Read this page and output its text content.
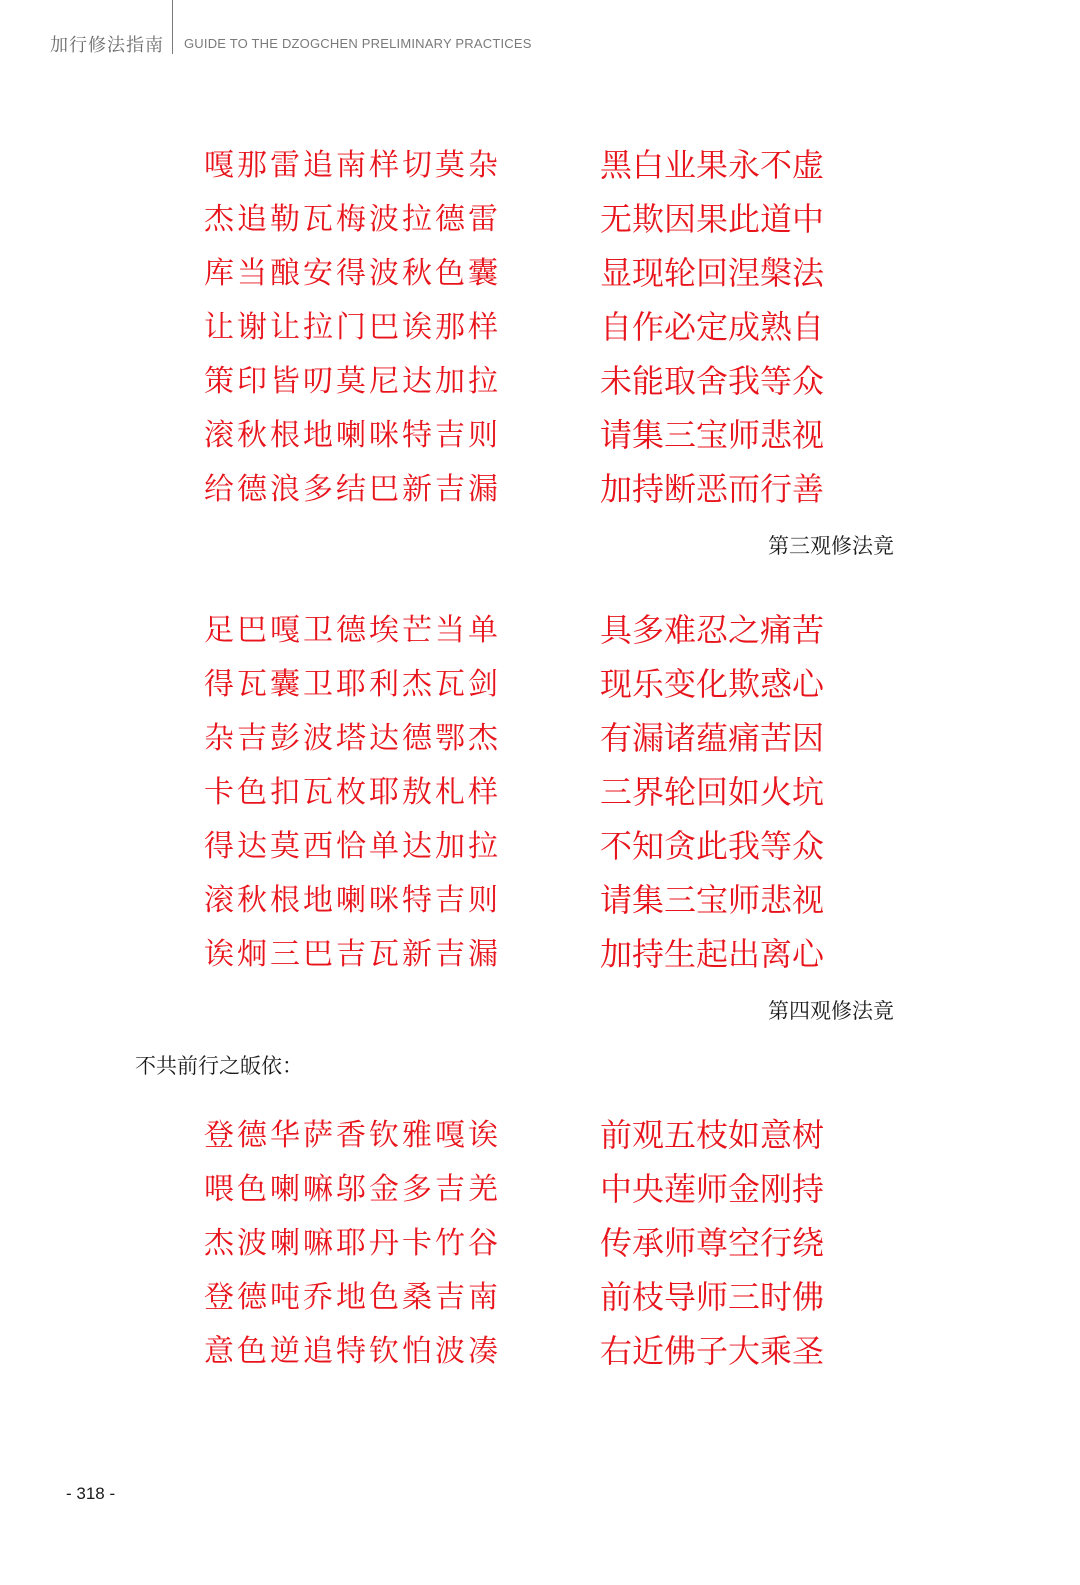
加行修法指南 GUIDE TO THE DZOGCHEN PRELIMINARY PRACTICES
嘎那雷追南样切莫杂	黑白业果永不虚
杰追勒瓦梅波拉德雷	无欺因果此道中
库当酿安得波秋色囊	显现轮回涅槃法
让谢让拉门巴诶那样	自作必定成熟自
策印皆叨莫尼达加拉	未能取舍我等众
滚秋根地喇咪特吉则	请集三宝师悲视
给德浪多结巴新吉漏	加持断恶而行善
第三观修法竟
足巴嘎卫德埃芒当单	具多难忍之痛苦
得瓦囊卫耶利杰瓦剑	现乐变化欺惑心
杂吉彭波塔达德鄂杰	有漏诸蕴痛苦因
卡色扣瓦枚耶敖札样	三界轮回如火坑
得达莫西恰单达加拉	不知贪此我等众
滚秋根地喇咪特吉则	请集三宝师悲视
诶炯三巴吉瓦新吉漏	加持生起出离心
第四观修法竟
不共前行之皈依：
登德华萨香钦雅嘎诶	前观五枝如意树
喂色喇嘛邬金多吉羌	中央莲师金刚持
杰波喇嘛耶丹卡竹谷	传承师尊空行绕
登德吨乔地色桑吉南	前枝导师三时佛
意色逆追特钦怕波凑	右近佛子大乘圣
- 318 -
